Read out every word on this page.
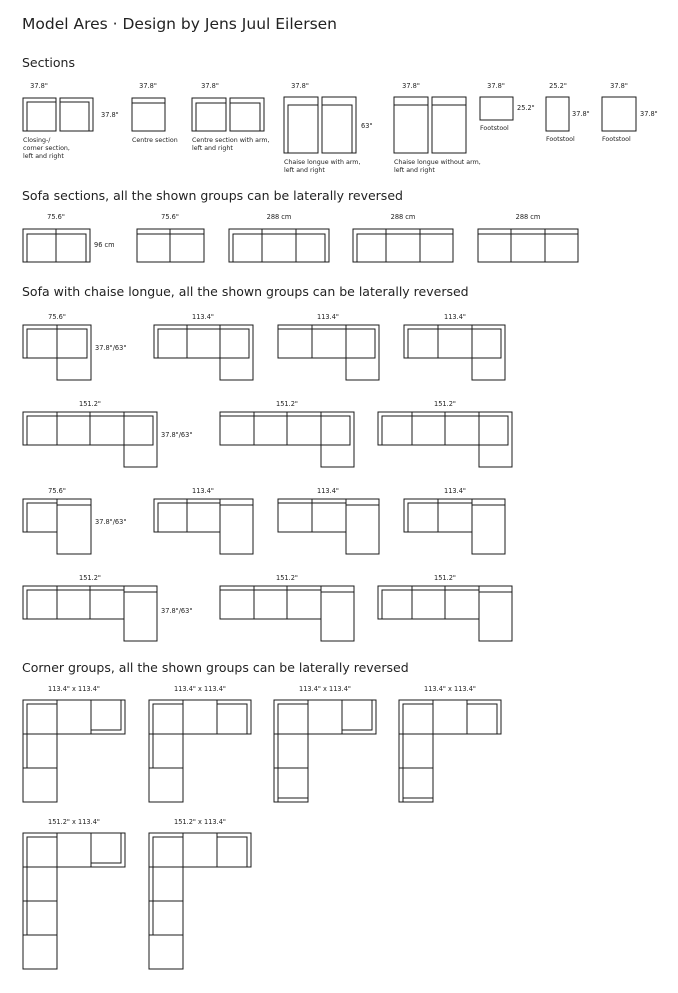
Model Ares · Design by Jens Juul Eilersen
Sections
Sofa sections, all the shown groups can be laterally reversed
Sofa with chaise longue, all the shown groups can be laterally reversed
Corner groups, all the shown groups can be laterally reversed
37.8"
37.8"
Closing-/
corner section,
left and right
37.8"
Centre section
37.8"
Centre section with arm,
left and right
37.8"
63"
Chaise longue with arm,
left and right
37.8"
Chaise longue without arm,
left and right
37.8"
25.2"
Footstool
25.2"
37.8"
Footstool
37.8"
37.8"
Footstool
75.6"
96 cm
75.6"	288 cm	288 cm	288 cm
75.6"
37.8"/63"
113.4"	113.4"	113.4"
151.2"
37.8"/63"
151.2"	151.2"
75.6"
37.8"/63"
113.4"	113.4"	113.4"
151.2"
37.8"/63"
151.2"	151.2"
113.4" x 113.4"	113.4" x 113.4"	113.4" x 113.4"	113.4" x 113.4"
151.2" x 113.4"	151.2" x 113.4"
